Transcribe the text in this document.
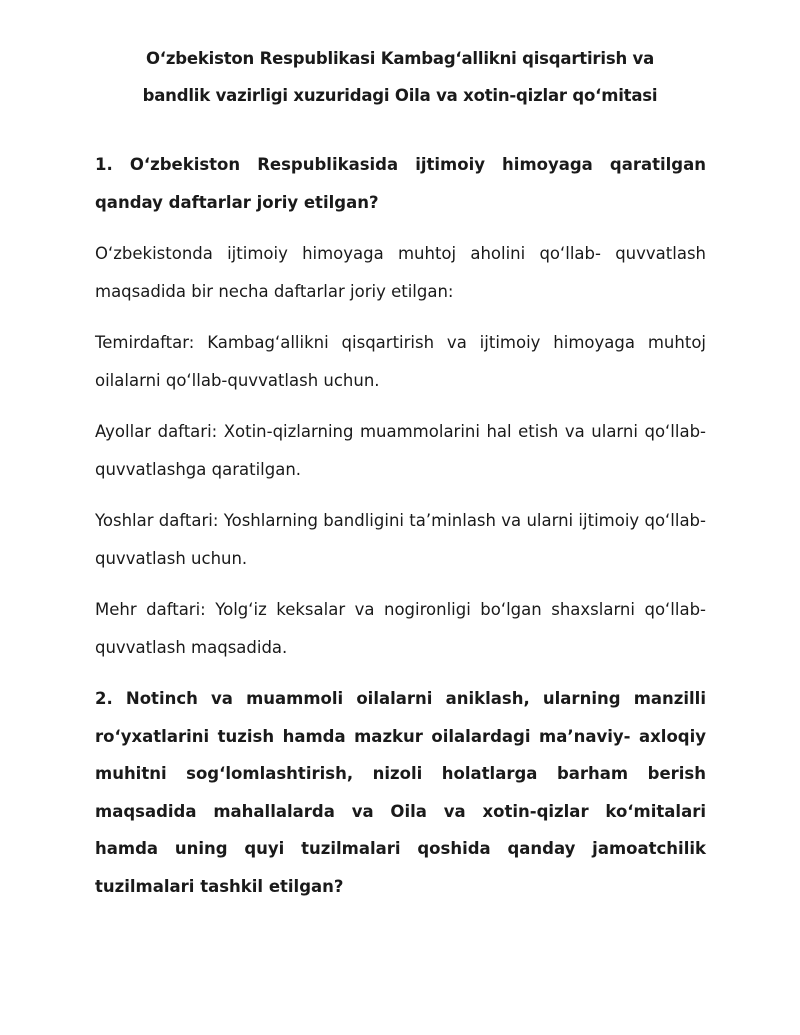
O‘zbekiston Respublikasi Kambag‘allikni qisqartirish va
bandlik vazirligi xuzuridagi Oila va xotin-qizlar qo‘mitasi

1. O‘zbekiston Respublikasida ijtimoiy himoyaga qaratilgan qanday daftarlar joriy etilgan?

O‘zbekistonda ijtimoiy himoyaga muhtoj aholini qo‘llab- quvvatlash maqsadida bir necha daftarlar joriy etilgan:

Temirdaftar: Kambag‘allikni qisqartirish va ijtimoiy himoyaga muhtoj oilalarni qo‘llab-quvvatlash uchun.

Ayollar daftari: Xotin-qizlarning muammolarini hal etish va ularni qo‘llab-quvvatlashga qaratilgan.

Yoshlar daftari: Yoshlarning bandligini ta’minlash va ularni ijtimoiy qo‘llab-quvvatlash uchun.

Mehr daftari: Yolg‘iz keksalar va nogironligi bo‘lgan shaxslarni qo‘llab-quvvatlash maqsadida.

2. Notinch va muammoli oilalarni aniklash, ularning manzilli ro‘yxatlarini tuzish hamda mazkur oilalardagi ma’naviy- axloqiy muhitni sog‘lomlashtirish, nizoli holatlarga barham berish maqsadida mahallalarda va Oila va xotin-qizlar ko‘mitalari hamda uning quyi tuzilmalari qoshida qanday jamoatchilik tuzilmalari tashkil etilgan?
